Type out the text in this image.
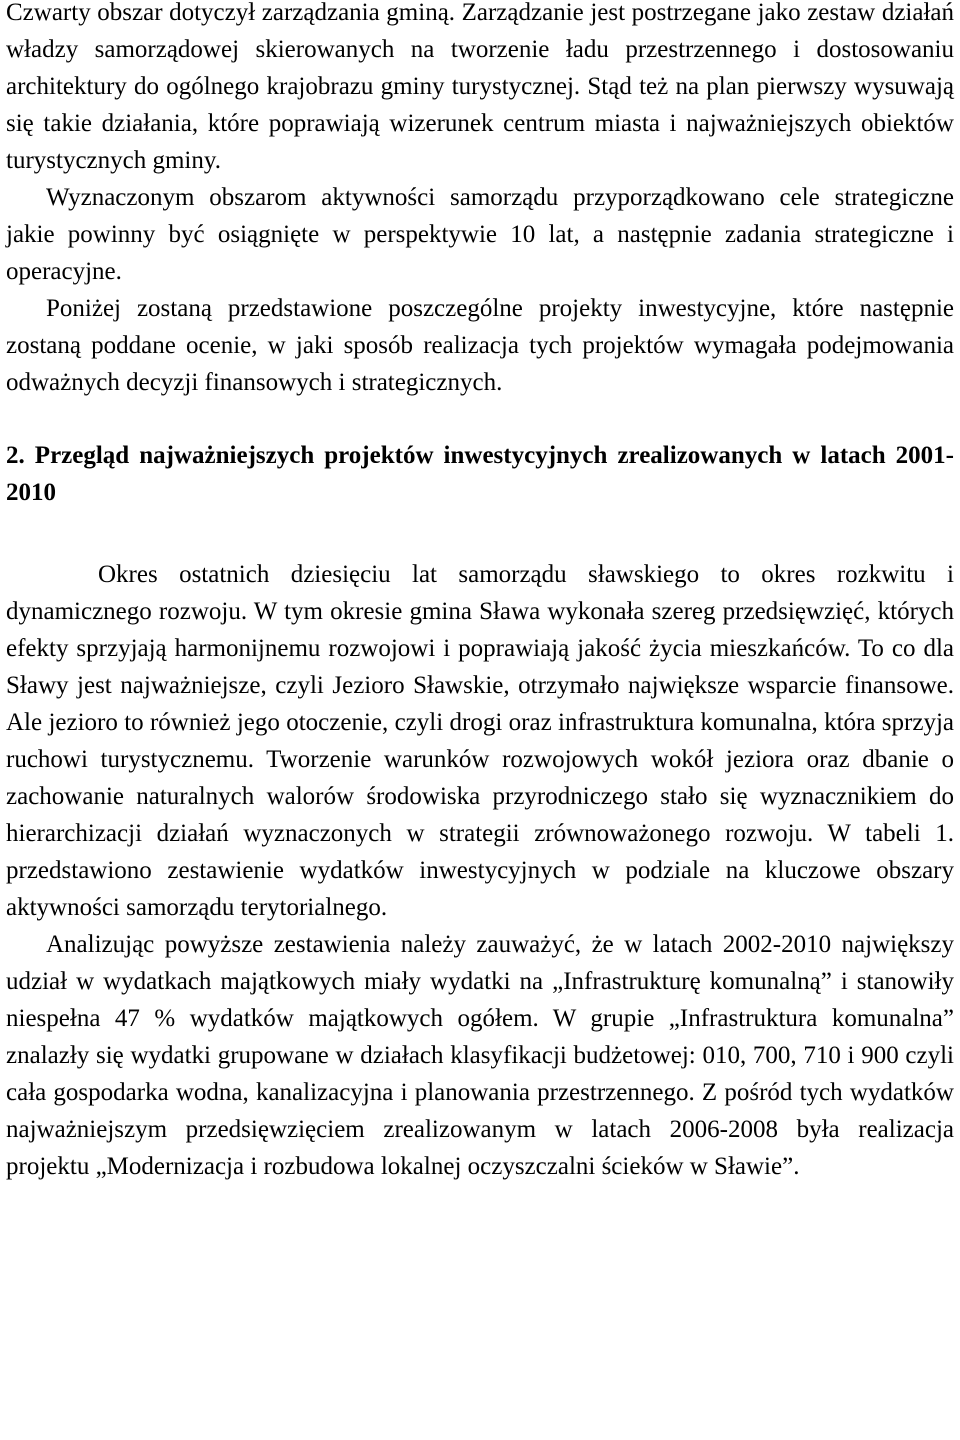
Czwarty obszar dotyczył zarządzania gminą. Zarządzanie jest postrzegane jako zestaw działań władzy samorządowej skierowanych na tworzenie ładu przestrzennego i dostosowaniu architektury do ogólnego krajobrazu gminy turystycznej. Stąd też na plan pierwszy wysuwają się takie działania, które poprawiają wizerunek centrum miasta i najważniejszych obiektów turystycznych gminy.

Wyznaczonym obszarom aktywności samorządu przyporządkowano cele strategiczne jakie powinny być osiągnięte w perspektywie 10 lat, a następnie zadania strategiczne i operacyjne.

Poniżej zostaną przedstawione poszczególne projekty inwestycyjne, które następnie zostaną poddane ocenie, w jaki sposób realizacja tych projektów wymagała podejmowania odważnych decyzji finansowych i strategicznych.

2. Przegląd najważniejszych projektów inwestycyjnych zrealizowanych w latach 2001-2010

Okres ostatnich dziesięciu lat samorządu sławskiego to okres rozkwitu i dynamicznego rozwoju. W tym okresie gmina Sława wykonała szereg przedsięwzięć, których efekty sprzyjają harmonijnemu rozwojowi i poprawiają jakość życia mieszkańców. To co dla Sławy jest najważniejsze, czyli Jezioro Sławskie, otrzymało największe wsparcie finansowe. Ale jezioro to również jego otoczenie, czyli drogi oraz infrastruktura komunalna, która sprzyja ruchowi turystycznemu. Tworzenie warunków rozwojowych wokół jeziora oraz dbanie o zachowanie naturalnych walorów środowiska przyrodniczego stało się wyznacznikiem do hierarchizacji działań wyznaczonych w strategii zrównoważonego rozwoju. W tabeli 1. przedstawiono zestawienie wydatków inwestycyjnych w podziale na kluczowe obszary aktywności samorządu terytorialnego.

Analizując powyższe zestawienia należy zauważyć, że w latach 2002-2010 największy udział w wydatkach majątkowych miały wydatki na „Infrastrukturę komunalną” i stanowiły niespełna 47 % wydatków majątkowych ogółem. W grupie „Infrastruktura komunalna” znalazły się wydatki grupowane w działach klasyfikacji budżetowej: 010, 700, 710 i 900 czyli cała gospodarka wodna, kanalizacyjna i planowania przestrzennego. Z pośród tych wydatków najważniejszym przedsięwzięciem zrealizowanym w latach 2006-2008 była realizacja projektu „Modernizacja i rozbudowa lokalnej oczyszczalni ścieków w Sławie”.
